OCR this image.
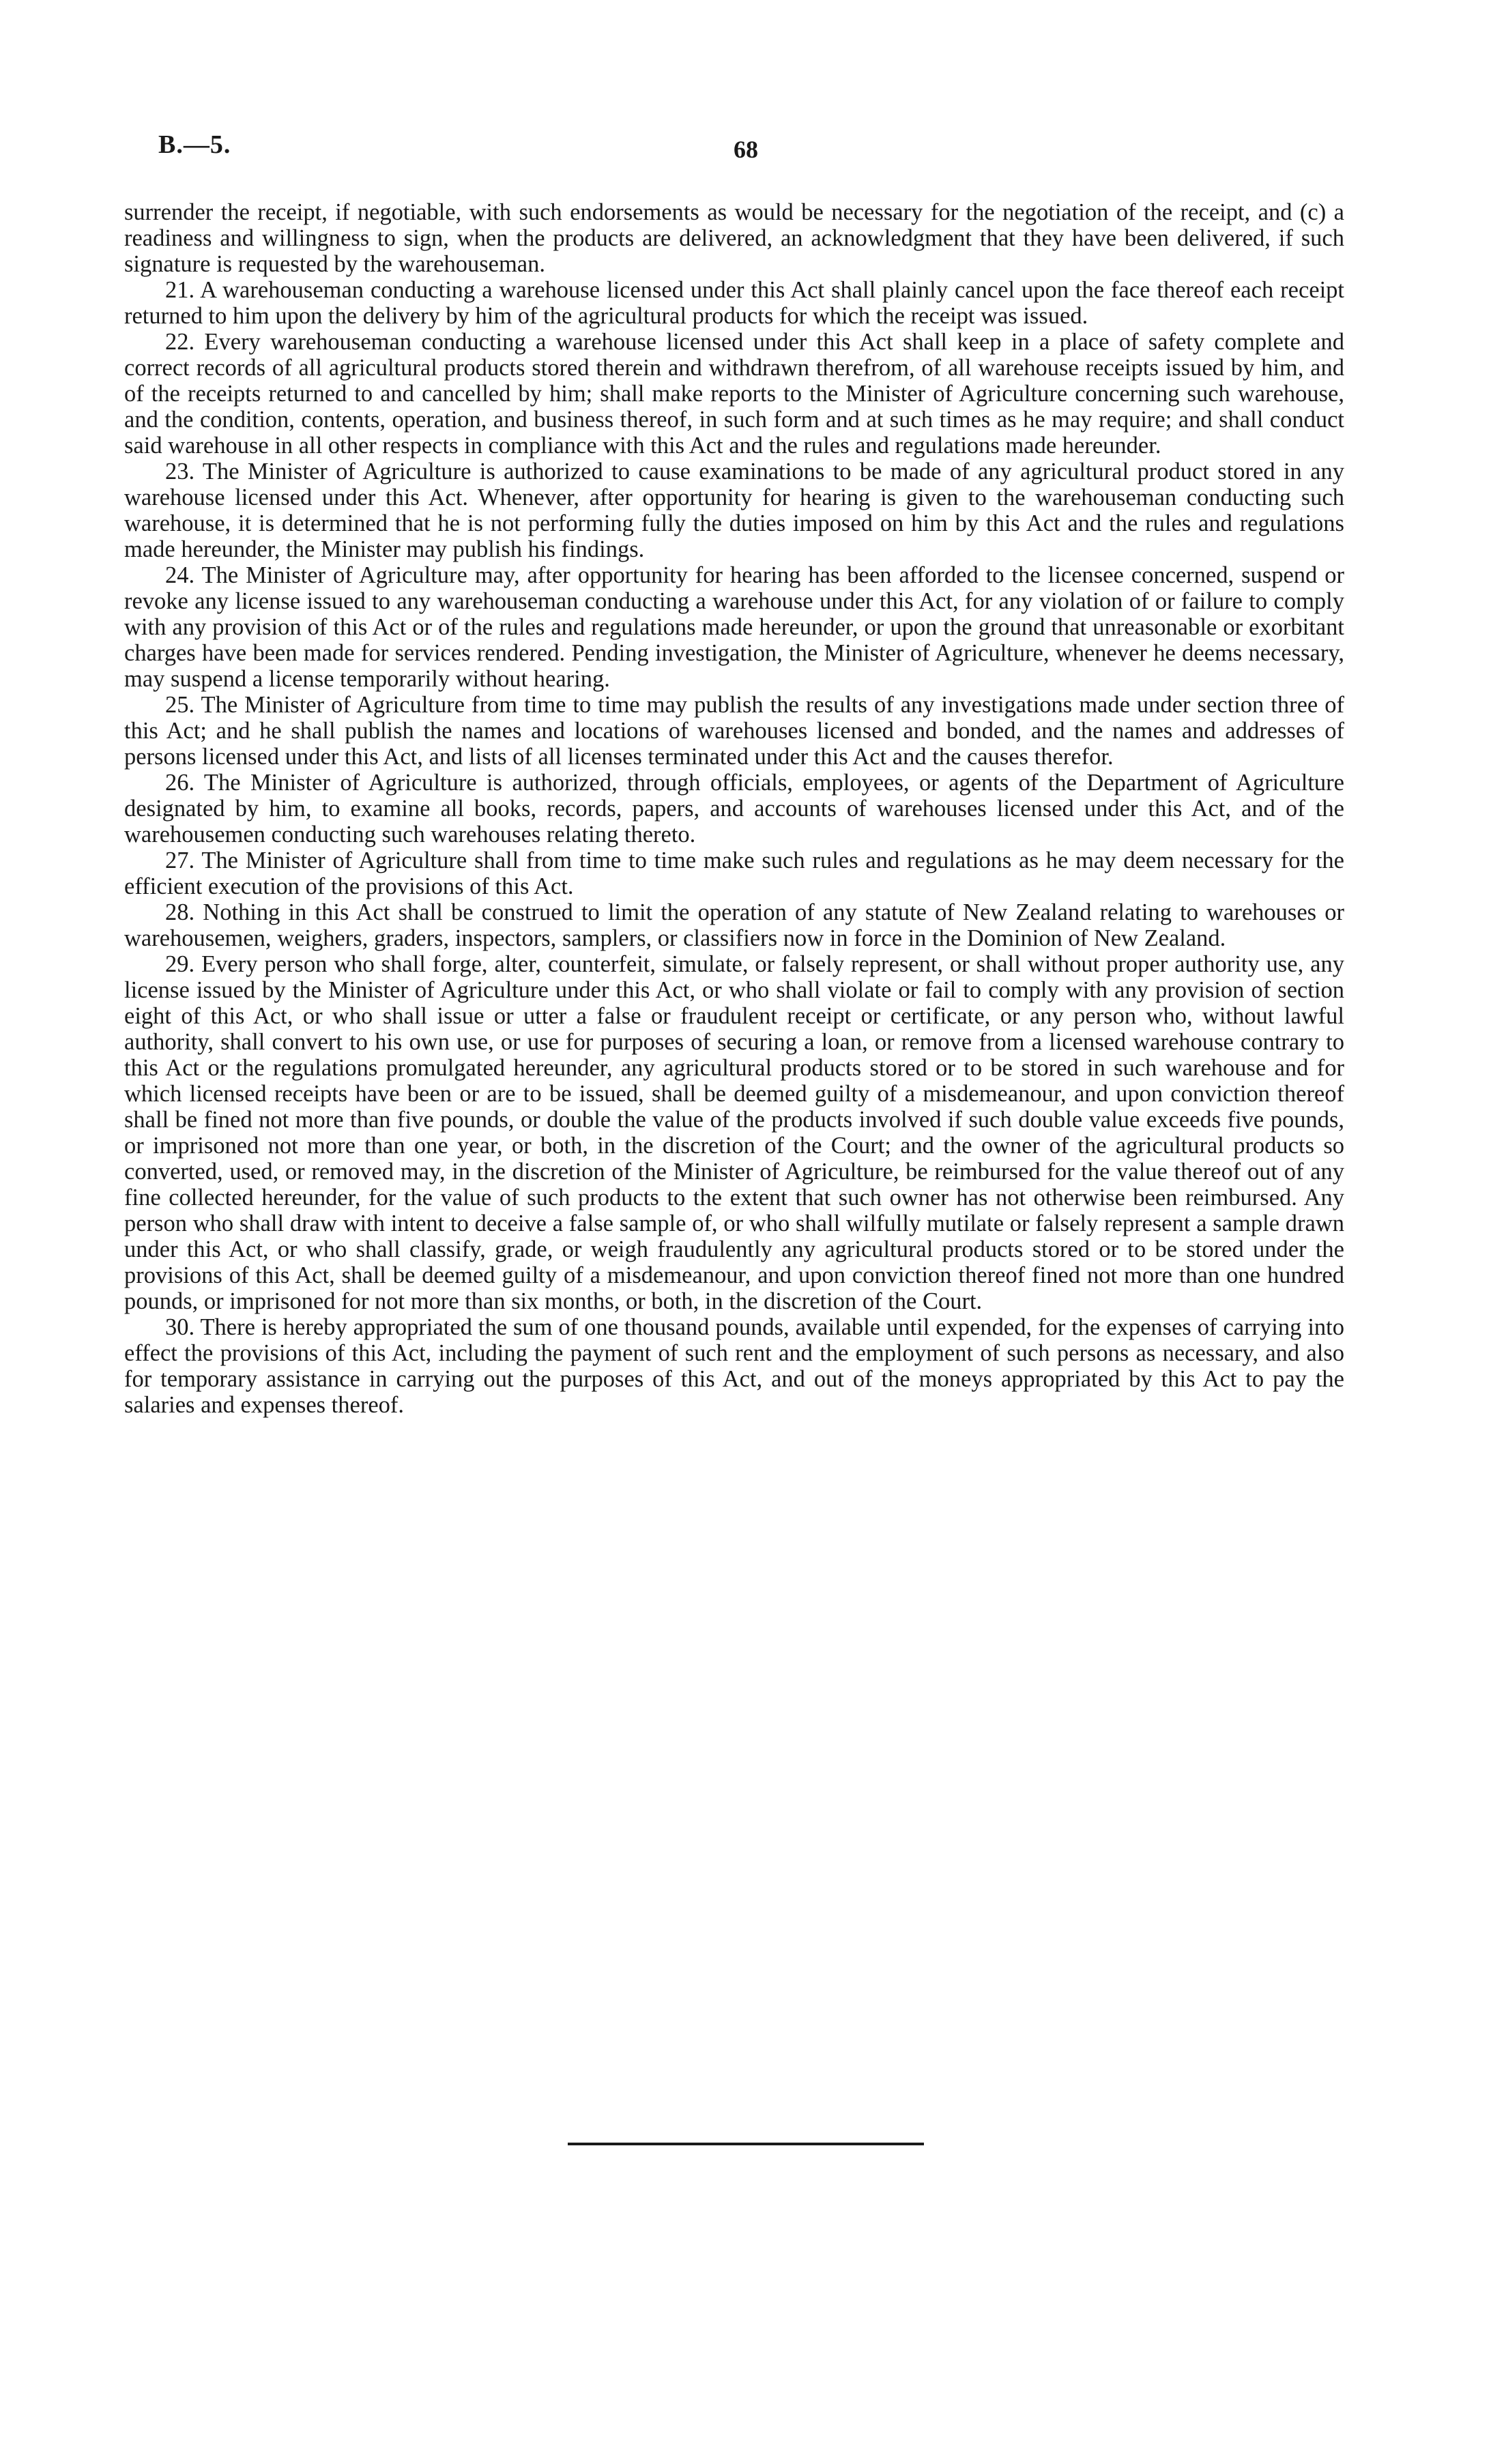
B.—5.	68

surrender the receipt, if negotiable, with such endorsements as would be necessary for the negotiation of the receipt, and (c) a readiness and willingness to sign, when the products are delivered, an acknowledgment that they have been delivered, if such signature is requested by the warehouseman.

21. A warehouseman conducting a warehouse licensed under this Act shall plainly cancel upon the face thereof each receipt returned to him upon the delivery by him of the agricultural products for which the receipt was issued.

22. Every warehouseman conducting a warehouse licensed under this Act shall keep in a place of safety complete and correct records of all agricultural products stored therein and withdrawn therefrom, of all warehouse receipts issued by him, and of the receipts returned to and cancelled by him; shall make reports to the Minister of Agriculture concerning such warehouse, and the condition, contents, operation, and business thereof, in such form and at such times as he may require; and shall conduct said warehouse in all other respects in compliance with this Act and the rules and regulations made hereunder.

23. The Minister of Agriculture is authorized to cause examinations to be made of any agricultural product stored in any warehouse licensed under this Act. Whenever, after opportunity for hearing is given to the warehouseman conducting such warehouse, it is determined that he is not performing fully the duties imposed on him by this Act and the rules and regulations made hereunder, the Minister may publish his findings.

24. The Minister of Agriculture may, after opportunity for hearing has been afforded to the licensee concerned, suspend or revoke any license issued to any warehouseman conducting a warehouse under this Act, for any violation of or failure to comply with any provision of this Act or of the rules and regulations made hereunder, or upon the ground that unreasonable or exorbitant charges have been made for services rendered. Pending investigation, the Minister of Agriculture, whenever he deems necessary, may suspend a license temporarily without hearing.

25. The Minister of Agriculture from time to time may publish the results of any investigations made under section three of this Act; and he shall publish the names and locations of warehouses licensed and bonded, and the names and addresses of persons licensed under this Act, and lists of all licenses terminated under this Act and the causes therefor.

26. The Minister of Agriculture is authorized, through officials, employees, or agents of the Department of Agriculture designated by him, to examine all books, records, papers, and accounts of warehouses licensed under this Act, and of the warehousemen conducting such warehouses relating thereto.

27. The Minister of Agriculture shall from time to time make such rules and regulations as he may deem necessary for the efficient execution of the provisions of this Act.

28. Nothing in this Act shall be construed to limit the operation of any statute of New Zealand relating to warehouses or warehousemen, weighers, graders, inspectors, samplers, or classifiers now in force in the Dominion of New Zealand.

29. Every person who shall forge, alter, counterfeit, simulate, or falsely represent, or shall without proper authority use, any license issued by the Minister of Agriculture under this Act, or who shall violate or fail to comply with any provision of section eight of this Act, or who shall issue or utter a false or fraudulent receipt or certificate, or any person who, without lawful authority, shall convert to his own use, or use for purposes of securing a loan, or remove from a licensed warehouse contrary to this Act or the regulations promulgated hereunder, any agricultural products stored or to be stored in such warehouse and for which licensed receipts have been or are to be issued, shall be deemed guilty of a misdemeanour, and upon conviction thereof shall be fined not more than five pounds, or double the value of the products involved if such double value exceeds five pounds, or imprisoned not more than one year, or both, in the discretion of the Court; and the owner of the agricultural products so converted, used, or removed may, in the discretion of the Minister of Agriculture, be reimbursed for the value thereof out of any fine collected hereunder, for the value of such products to the extent that such owner has not otherwise been reimbursed. Any person who shall draw with intent to deceive a false sample of, or who shall wilfully mutilate or falsely represent a sample drawn under this Act, or who shall classify, grade, or weigh fraudulently any agricultural products stored or to be stored under the provisions of this Act, shall be deemed guilty of a misdemeanour, and upon conviction thereof fined not more than one hundred pounds, or imprisoned for not more than six months, or both, in the discretion of the Court.

30. There is hereby appropriated the sum of one thousand pounds, available until expended, for the expenses of carrying into effect the provisions of this Act, including the payment of such rent and the employment of such persons as necessary, and also for temporary assistance in carrying out the purposes of this Act, and out of the moneys appropriated by this Act to pay the salaries and expenses thereof.
